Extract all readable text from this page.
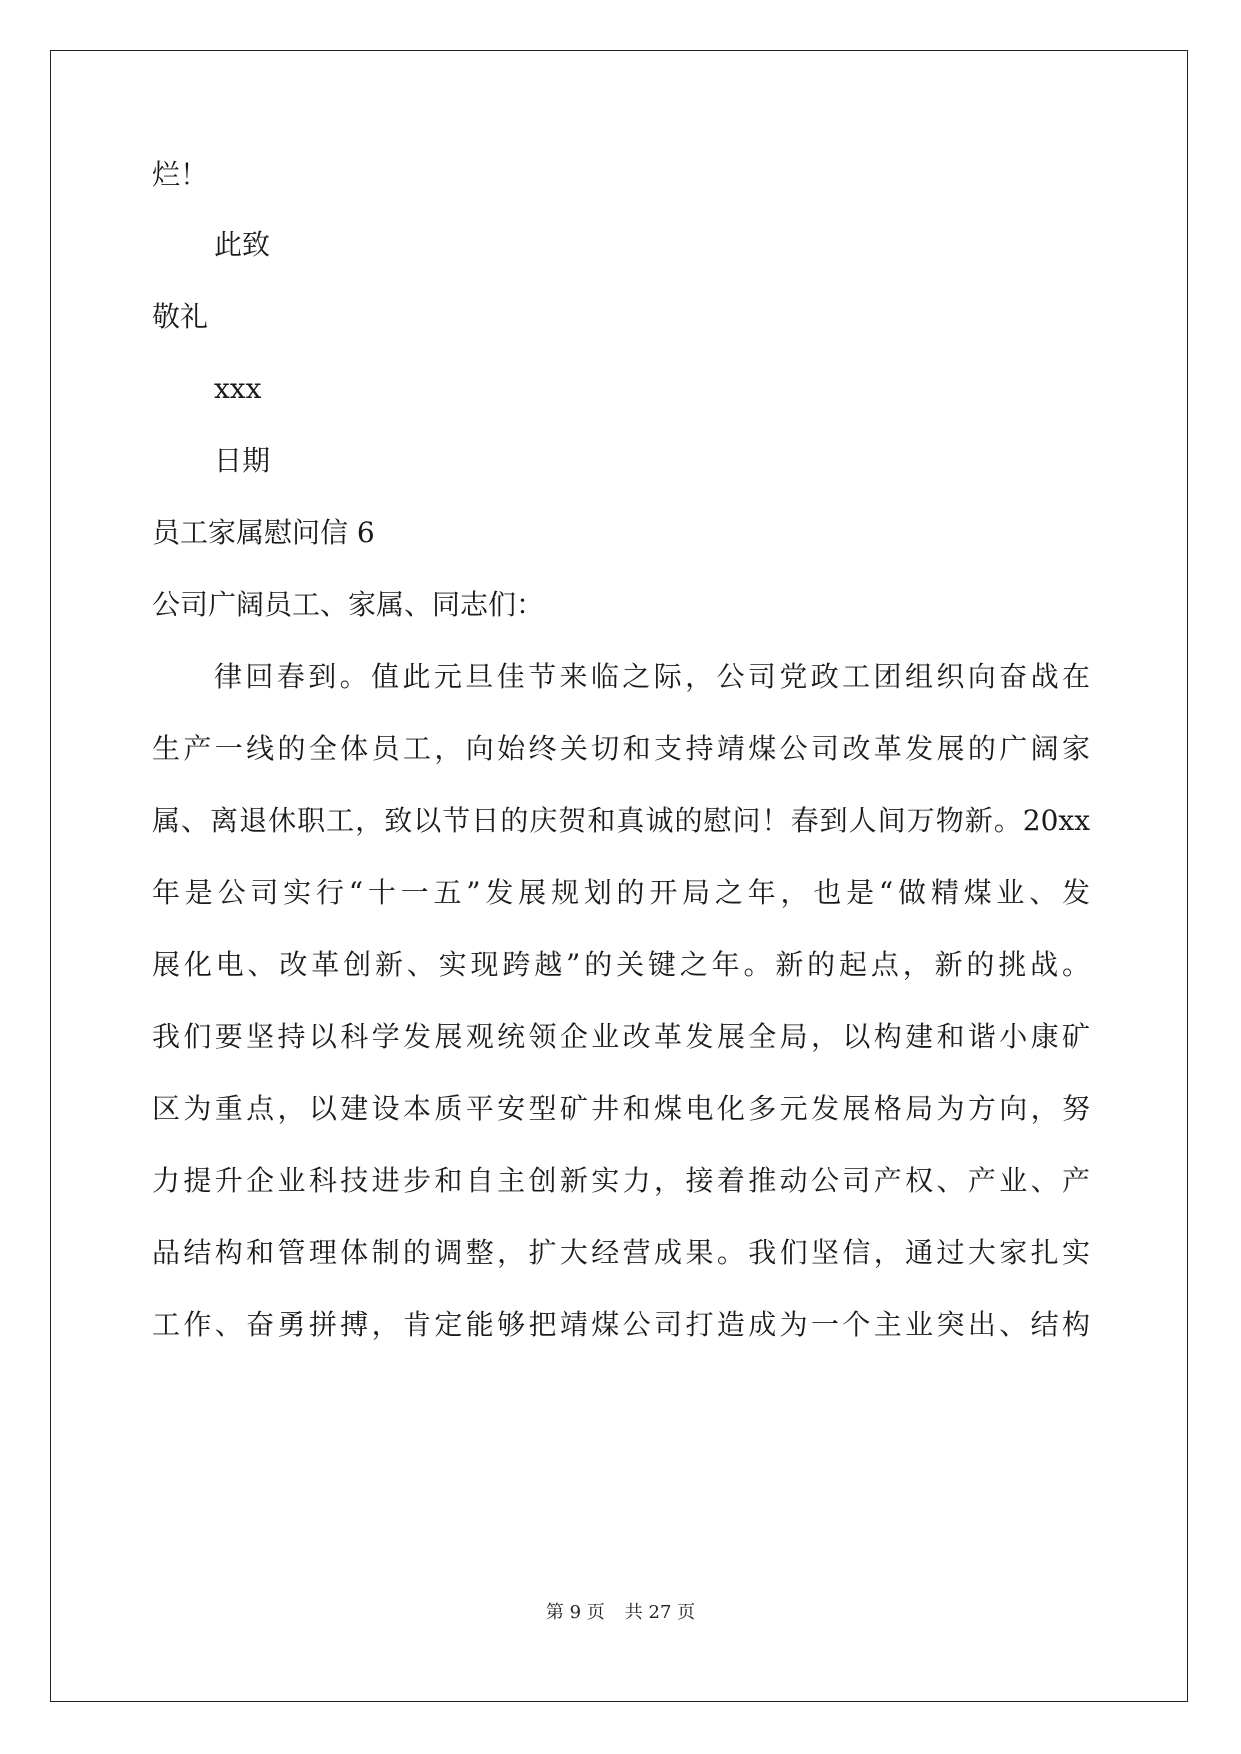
烂！

此致

敬礼

xxx

日期

员工家属慰问信 6

公司广阔员工、家属、同志们：

律回春到。值此元旦佳节来临之际，公司党政工团组织向奋战在

生产一线的全体员工，向始终关切和支持靖煤公司改革发展的广阔家

属、离退休职工，致以节日的庆贺和真诚的慰问！春到人间万物新。20xx

年是公司实行“十一五”发展规划的开局之年，也是“做精煤业、发

展化电、改革创新、实现跨越”的关键之年。新的起点，新的挑战。

我们要坚持以科学发展观统领企业改革发展全局，以构建和谐小康矿

区为重点，以建设本质平安型矿井和煤电化多元发展格局为方向，努

力提升企业科技进步和自主创新实力，接着推动公司产权、产业、产

品结构和管理体制的调整，扩大经营成果。我们坚信，通过大家扎实

工作、奋勇拼搏，肯定能够把靖煤公司打造成为一个主业突出、结构

第 9 页 共 27 页
